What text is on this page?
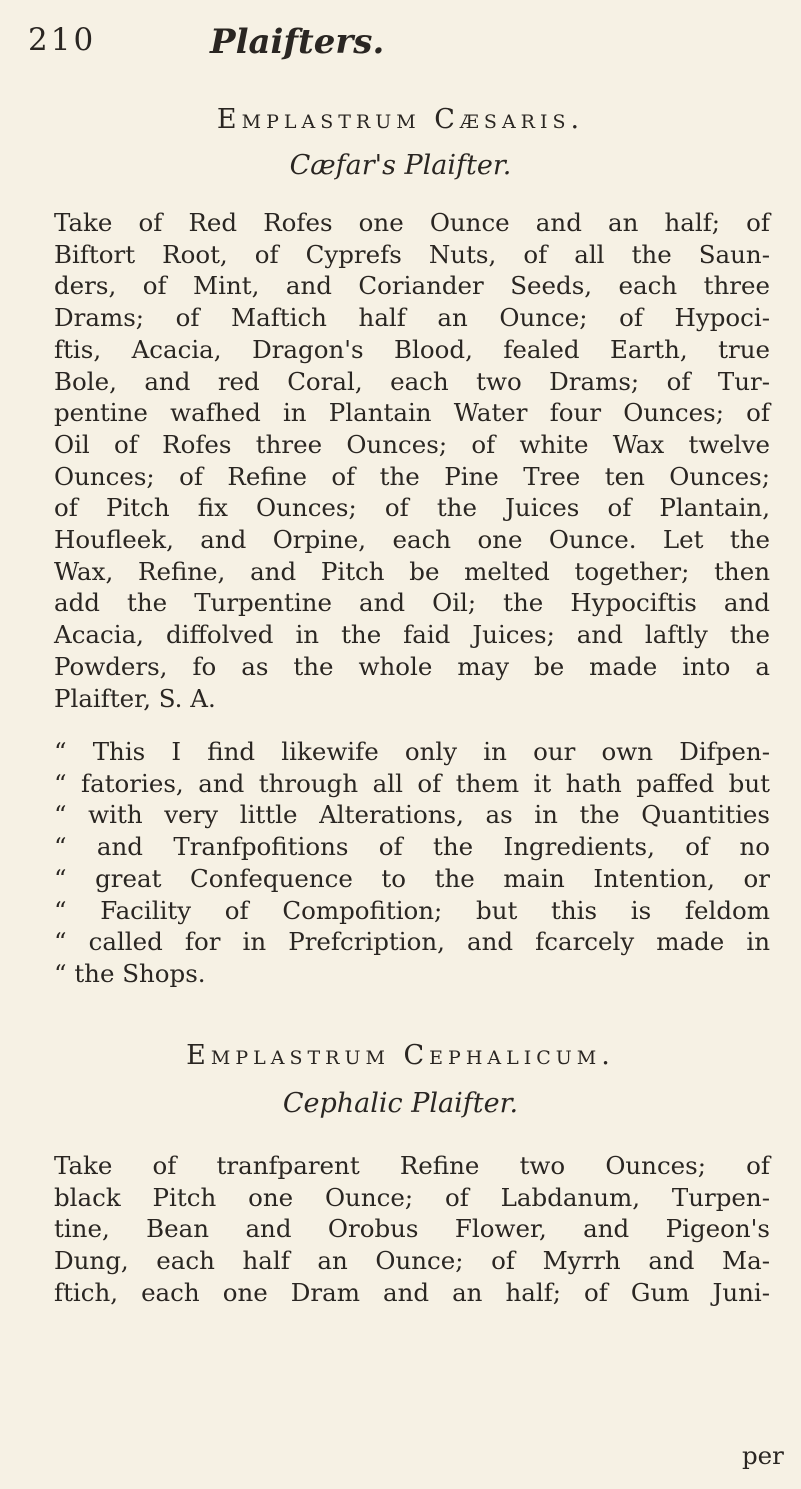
210	Plaifters.
Emplastrum Cæsaris.
Cæfar's Plaifter.
Take of Red Rofes one Ounce and an half; of
Biftort Root, of Cyprefs Nuts, of all the Saun-
ders, of Mint, and Coriander Seeds, each three
Drams; of Maftich half an Ounce; of Hypoci-
ftis, Acacia, Dragon's Blood, fealed Earth, true
Bole, and red Coral, each two Drams; of Tur-
pentine wafhed in Plantain Water four Ounces; of
Oil of Rofes three Ounces; of white Wax twelve
Ounces; of Refine of the Pine Tree ten Ounces;
of Pitch fix Ounces; of the Juices of Plantain,
Houfleek, and Orpine, each one Ounce. Let the
Wax, Refine, and Pitch be melted together; then
add the Turpentine and Oil; the Hypociftis and
Acacia, diffolved in the faid Juices; and laftly the
Powders, fo as the whole may be made into a
Plaifter, S. A.
“ This I find likewife only in our own Difpen-
“ fatories, and through all of them it hath paffed but
“ with very little Alterations, as in the Quantities
“ and Tranfpofitions of the Ingredients, of no
“ great Confequence to the main Intention, or
“ Facility of Compofition; but this is feldom
“ called for in Prefcription, and fcarcely made in
“ the Shops.
Emplastrum Cephalicum.
Cephalic Plaifter.
Take of tranfparent Refine two Ounces; of
black Pitch one Ounce; of Labdanum, Turpen-
tine, Bean and Orobus Flower, and Pigeon's
Dung, each half an Ounce; of Myrrh and Ma-
ftich, each one Dram and an half; of Gum Juni-
per
